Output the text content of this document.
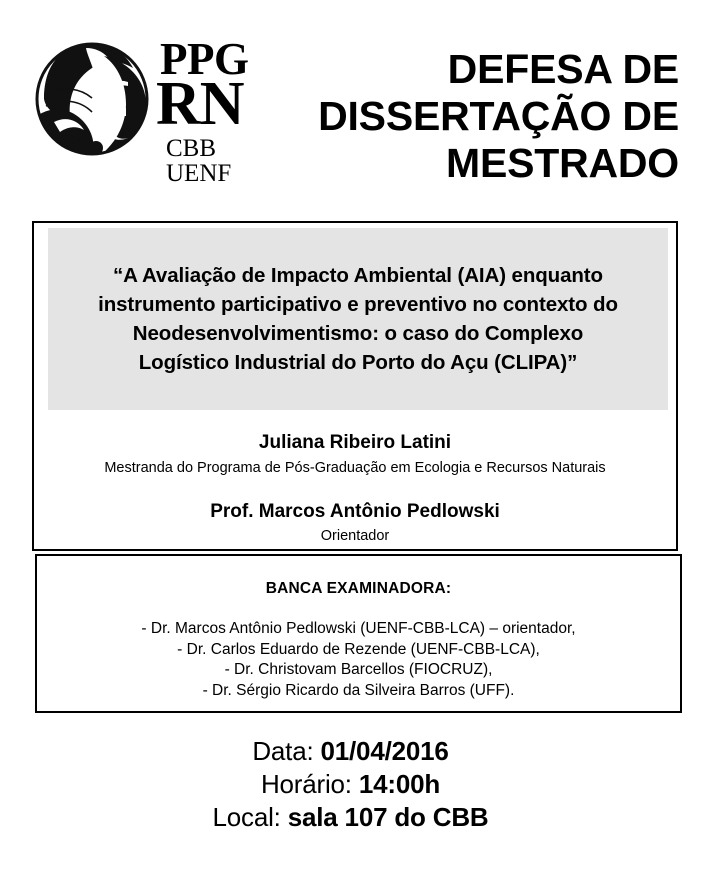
PPG
RN
CBB UENF
DEFESA DE
DISSERTAÇÃO DE
MESTRADO
“A Avaliação de Impacto Ambiental (AIA) enquanto
instrumento participativo e preventivo no contexto do
Neodesenvolvimentismo: o caso do Complexo
Logístico Industrial do Porto do Açu (CLIPA)”
Juliana Ribeiro Latini
Mestranda do Programa de Pós-Graduação em Ecologia e Recursos Naturais
Prof. Marcos Antônio Pedlowski
Orientador
BANCA EXAMINADORA:
- Dr. Marcos Antônio Pedlowski (UENF-CBB-LCA) – orientador,
- Dr. Carlos Eduardo de Rezende (UENF-CBB-LCA),
- Dr. Christovam Barcellos (FIOCRUZ),
- Dr. Sérgio Ricardo da Silveira Barros (UFF).
Data: 01/04/2016
Horário: 14:00h
Local: sala 107 do CBB
